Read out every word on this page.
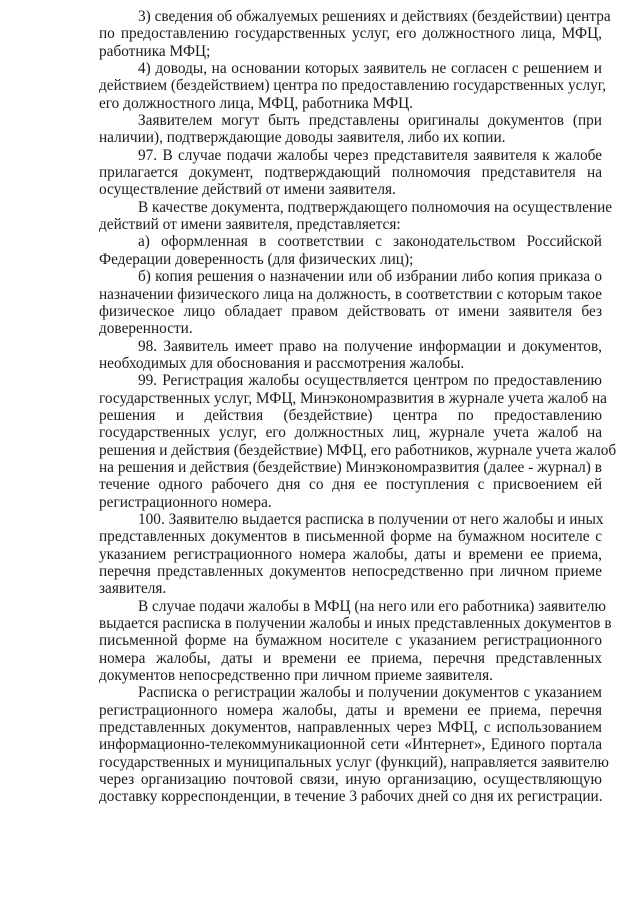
3) сведения об обжалуемых решениях и действиях (бездействии) центра
по предоставлению государственных услуг, его должностного лица, МФЦ,
работника МФЦ;
4) доводы, на основании которых заявитель не согласен с решением и
действием (бездействием) центра по предоставлению государственных услуг,
его должностного лица, МФЦ, работника МФЦ.
Заявителем могут быть представлены оригиналы документов (при
наличии), подтверждающие доводы заявителя, либо их копии.
97. В случае подачи жалобы через представителя заявителя к жалобе
прилагается документ, подтверждающий полномочия представителя на
осуществление действий от имени заявителя.
В качестве документа, подтверждающего полномочия на осуществление
действий от имени заявителя, представляется:
а) оформленная в соответствии с законодательством Российской
Федерации доверенность (для физических лиц);
б) копия решения о назначении или об избрании либо копия приказа о
назначении физического лица на должность, в соответствии с которым такое
физическое лицо обладает правом действовать от имени заявителя без
доверенности.
98. Заявитель имеет право на получение информации и документов,
необходимых для обоснования и рассмотрения жалобы.
99. Регистрация жалобы осуществляется центром по предоставлению
государственных услуг, МФЦ, Минэкономразвития в журнале учета жалоб на
решения и действия (бездействие) центра по предоставлению
государственных услуг, его должностных лиц, журнале учета жалоб на
решения и действия (бездействие) МФЦ, его работников, журнале учета жалоб
на решения и действия (бездействие) Минэкономразвития (далее - журнал) в
течение одного рабочего дня со дня ее поступления с присвоением ей
регистрационного номера.
100. Заявителю выдается расписка в получении от него жалобы и иных
представленных документов в письменной форме на бумажном носителе с
указанием регистрационного номера жалобы, даты и времени ее приема,
перечня представленных документов непосредственно при личном приеме
заявителя.
В случае подачи жалобы в МФЦ (на него или его работника) заявителю
выдается расписка в получении жалобы и иных представленных документов в
письменной форме на бумажном носителе с указанием регистрационного
номера жалобы, даты и времени ее приема, перечня представленных
документов непосредственно при личном приеме заявителя.
Расписка о регистрации жалобы и получении документов с указанием
регистрационного номера жалобы, даты и времени ее приема, перечня
представленных документов, направленных через МФЦ, с использованием
информационно-телекоммуникационной сети «Интернет», Единого портала
государственных и муниципальных услуг (функций), направляется заявителю
через организацию почтовой связи, иную организацию, осуществляющую
доставку корреспонденции, в течение 3 рабочих дней со дня их регистрации.
